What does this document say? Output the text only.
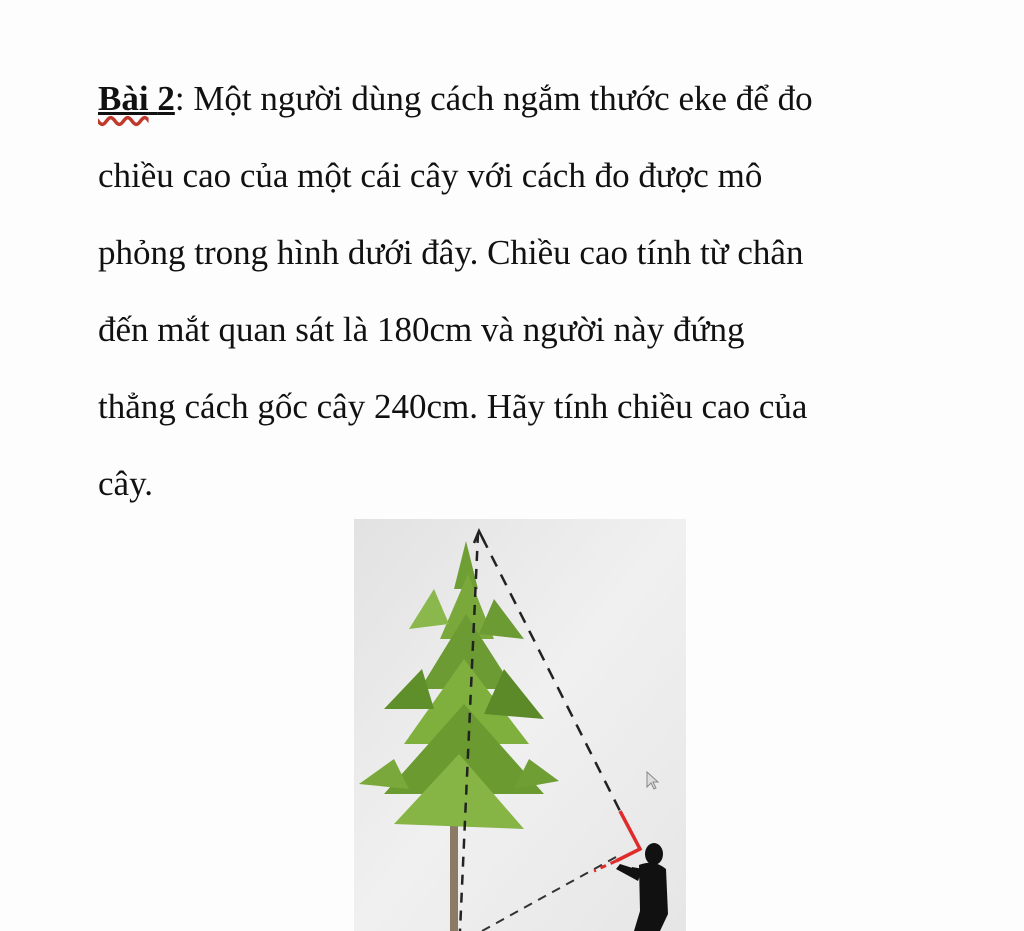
Bài 2: Một người dùng cách ngắm thước eke để đo
chiều cao của một cái cây với cách đo được mô
phỏng trong hình dưới đây. Chiều cao tính từ chân
đến mắt quan sát là 180cm và người này đứng
thẳng cách gốc cây 240cm. Hãy tính chiều cao của
cây.
